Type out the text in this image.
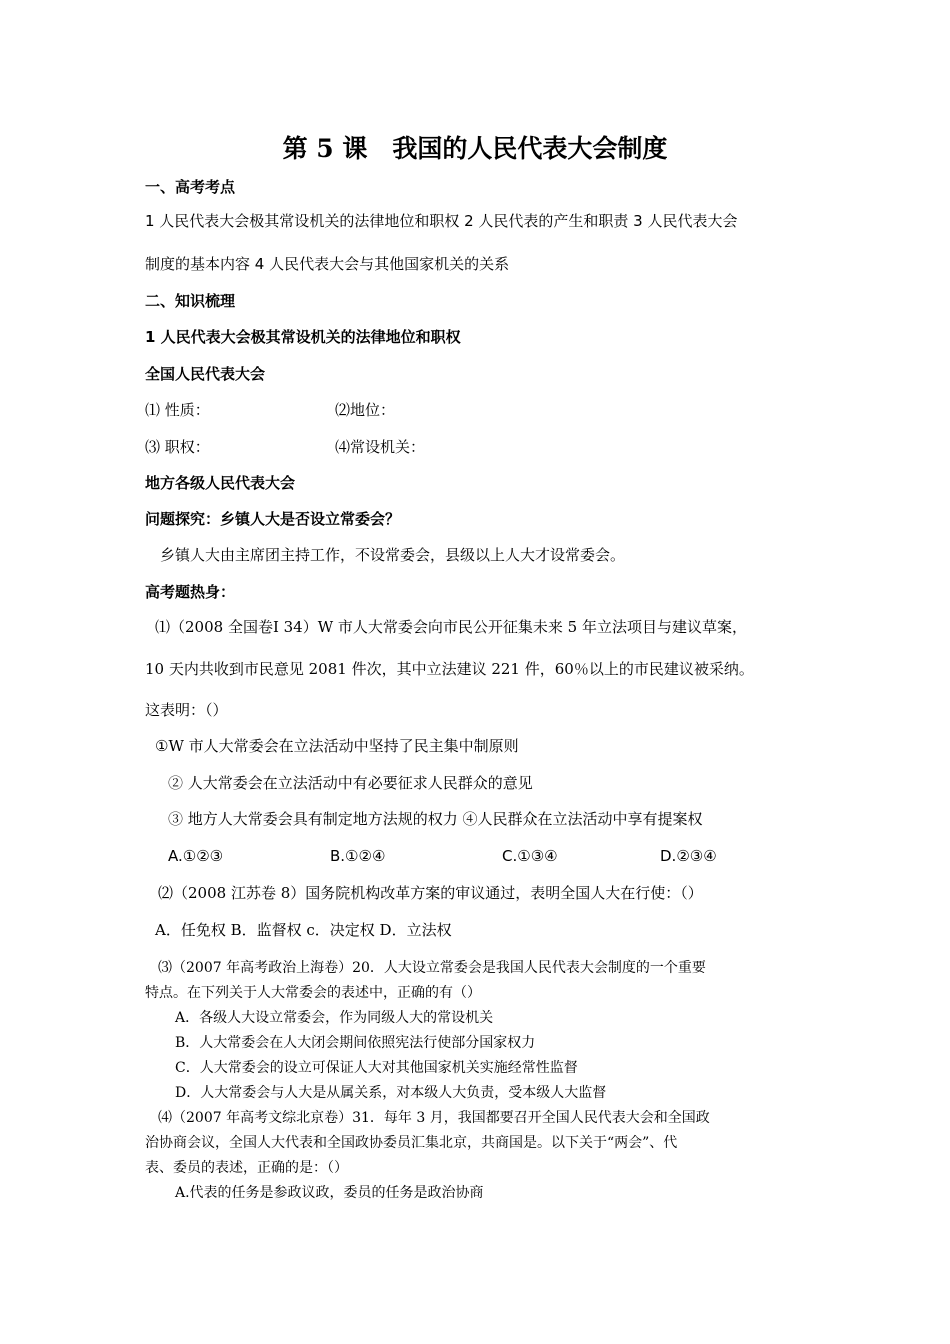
第 5 课　我国的人民代表大会制度
一、高考考点
1 人民代表大会极其常设机关的法律地位和职权 2 人民代表的产生和职责 3 人民代表大会
制度的基本内容 4 人民代表大会与其他国家机关的关系
二、知识梳理
1 人民代表大会极其常设机关的法律地位和职权
全国人民代表大会
⑴ 性质：	⑵地位：
⑶ 职权：	⑷常设机关：
地方各级人民代表大会
问题探究：乡镇人大是否设立常委会？
乡镇人大由主席团主持工作，不设常委会，县级以上人大才设常委会。
高考题热身：
⑴（2008 全国卷Ⅰ 34）W 市人大常委会向市民公开征集未来 5 年立法项目与建议草案，
10 天内共收到市民意见 2081 件次，其中立法建议 221 件，60％以上的市民建议被采纳。
这表明：（）
①W 市人大常委会在立法活动中坚持了民主集中制原则
② 人大常委会在立法活动中有必要征求人民群众的意见
③ 地方人大常委会具有制定地方法规的权力 ④人民群众在立法活动中享有提案权
A.①②③	B.①②④	C.①③④	D.②③④
⑵（2008 江苏卷 8）国务院机构改革方案的审议通过，表明全国人大在行使：（）
A．任免权 B．监督权 c．决定权 D．立法权
⑶（2007 年高考政治上海卷）20．人大设立常委会是我国人民代表大会制度的一个重要
特点。在下列关于人大常委会的表述中，正确的有（）
A．各级人大设立常委会，作为同级人大的常设机关
B．人大常委会在人大闭会期间依照宪法行使部分国家权力
C．人大常委会的设立可保证人大对其他国家机关实施经常性监督
D．人大常委会与人大是从属关系，对本级人大负责，受本级人大监督
⑷（2007 年高考文综北京卷）31．每年 3 月，我国都要召开全国人民代表大会和全国政
治协商会议，全国人大代表和全国政协委员汇集北京，共商国是。以下关于“两会”、代
表、委员的表述，正确的是：（）
A.代表的任务是参政议政，委员的任务是政治协商
